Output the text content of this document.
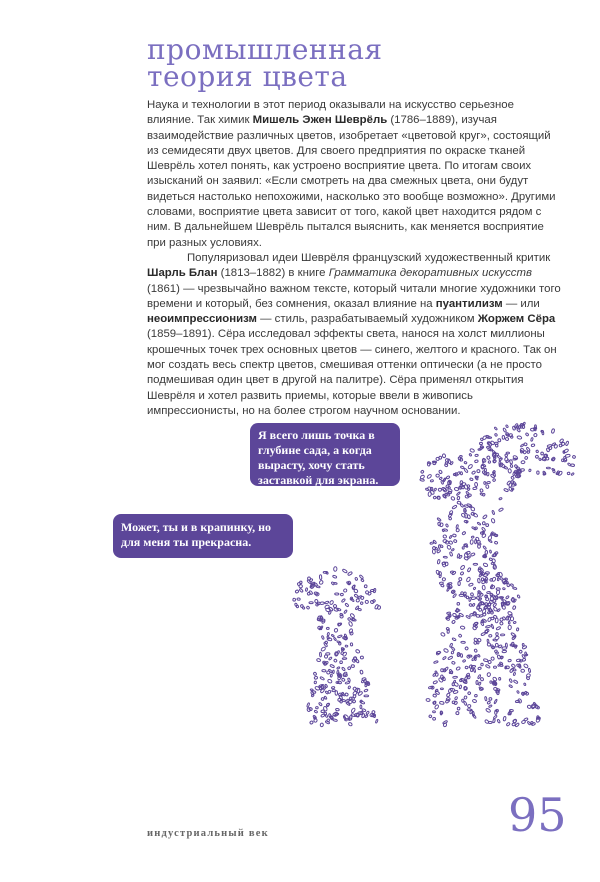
промышленная
теория цвета

Наука и технологии в этот период оказывали на искусство серьезное влияние. Так химик Мишель Эжен Шеврёль (1786–1889), изучая взаимодействие различных цветов, изобретает «цветовой круг», состоящий из семидесяти двух цветов. Для своего предприятия по окраске тканей Шеврёль хотел понять, как устроено восприятие цвета. По итогам своих изысканий он заявил: «Если смотреть на два смежных цвета, они будут видеться настолько непохожими, насколько это вообще возможно». Другими словами, восприятие цвета зависит от того, какой цвет находится рядом с ним. В дальнейшем Шеврёль пытался выяснить, как меняется восприятие при разных условиях.

Популяризовал идеи Шеврёля французский художественный критик Шарль Блан (1813–1882) в книге Грамматика декоративных искусств (1861) — чрезвычайно важном тексте, который читали многие художники того времени и который, без сомнения, оказал влияние на пуантилизм — или неоимпрессионизм — стиль, разрабатываемый художником Жоржем Сёра (1859–1891). Сёра исследовал эффекты света, нанося на холст миллионы крошечных точек трех основных цветов — синего, желтого и красного. Так он мог создать весь спектр цветов, смешивая оттенки оптически (а не просто подмешивая один цвет в другой на палитре). Сёра применял открытия Шеврёля и хотел развить приемы, которые ввели в живопись импрессионисты, но на более строгом научном основании.

Я всего лишь точка в глубине сада, а когда вырасту, хочу стать заставкой для экрана.
Может, ты и в крапинку, но для меня ты прекрасна.
индустриальный век	95
